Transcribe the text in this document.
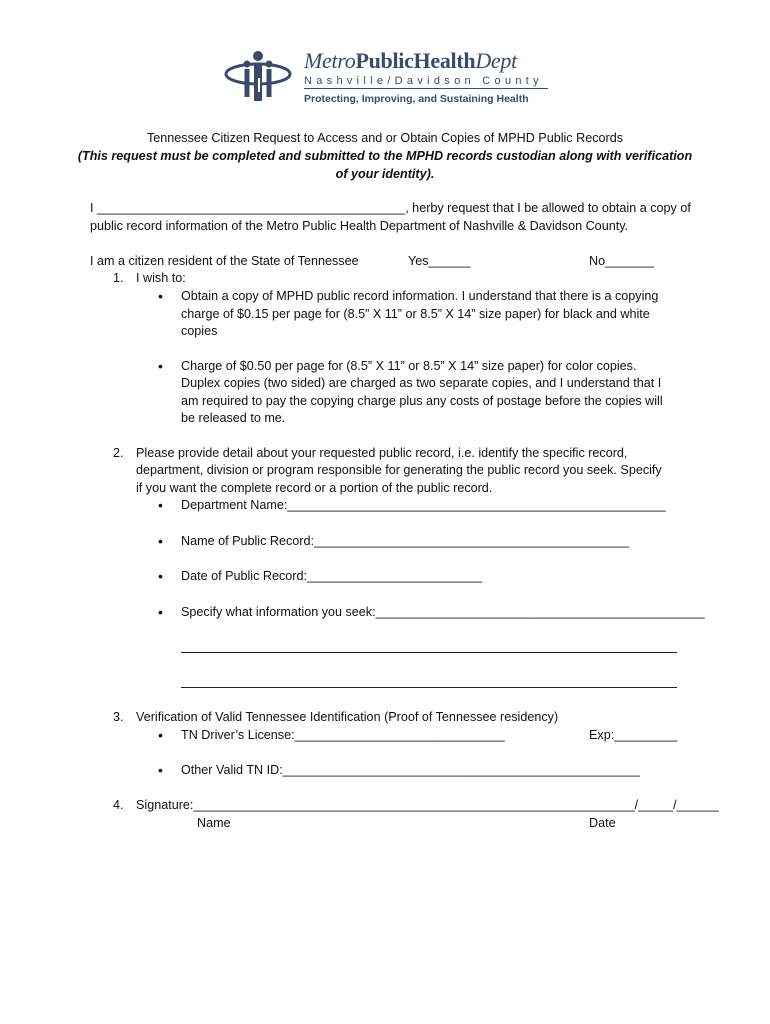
MetroPublicHealthDept
Nashville/Davidson County
Protecting, Improving, and Sustaining Health
Tennessee Citizen Request to Access and or Obtain Copies of MPHD Public Records
(This request must be completed and submitted to the MPHD records custodian along with verification
of your identity).
I ____________________________________________, herby request that I be allowed to obtain a copy of
public record information of the Metro Public Health Department of Nashville & Davidson County.
I am a citizen resident of the State of Tennessee	Yes______	No_______
1. I wish to:
• Obtain a copy of MPHD public record information. I understand that there is a copying
charge of $0.15 per page for (8.5” X 11” or 8.5” X 14” size paper) for black and white
copies
• Charge of $0.50 per page for (8.5” X 11” or 8.5” X 14” size paper) for color copies.
Duplex copies (two sided) are charged as two separate copies, and I understand that I
am required to pay the copying charge plus any costs of postage before the copies will
be released to me.
2. Please provide detail about your requested public record, i.e. identify the specific record,
department, division or program responsible for generating the public record you seek. Specify
if you want the complete record or a portion of the public record.
• Department Name:______________________________________________________
• Name of Public Record:_____________________________________________
• Date of Public Record:_________________________
• Specify what information you seek:_______________________________________________
3. Verification of Valid Tennessee Identification (Proof of Tennessee residency)
• TN Driver’s License:______________________________	Exp:_________
• Other Valid TN ID:___________________________________________________
4. Signature:_______________________________________________________________/_____/______
Name	Date
